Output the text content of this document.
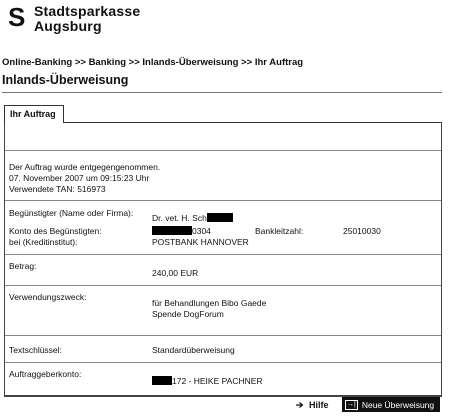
S Stadtsparkasse
Augsburg
Online-Banking >> Banking >> Inlands-Überweisung >> Ihr Auftrag
Inlands-Überweisung
Ihr Auftrag
Der Auftrag wurde entgegengenommen.
07. November 2007 um 09:15:23 Uhr
Verwendete TAN: 516973
Begünstigter (Name oder Firma): Dr. vet. H. Sch
Konto des Begünstigten:	0304	Bankleitzahl:	25010030
bei (Kreditinstitut):	POSTBANK HANNOVER
Betrag:
240,00 EUR
Verwendungszweck:
für Behandlungen Bibo Gaede
Spende DogForum
Textschlüssel:	Standardüberweisung
Auftraggeberkonto:
172 - HEIKE PACHNER
Hilfe	→| Neue Überweisung
